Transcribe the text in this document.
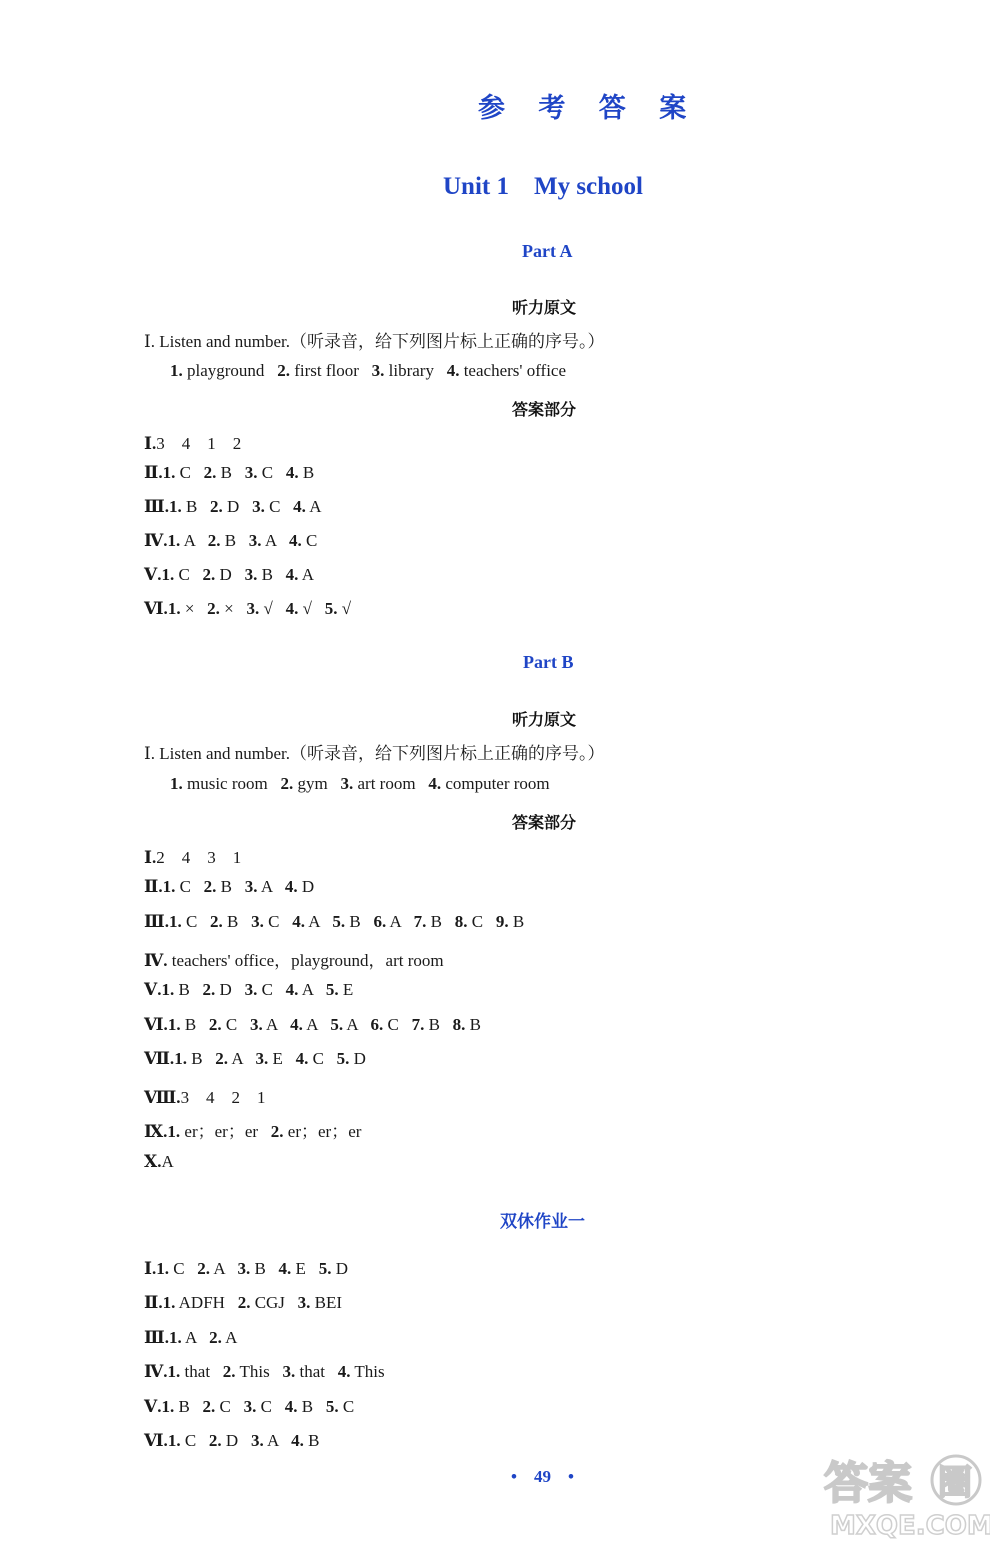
参 考 答 案
Unit 1　My school
Part A
听力原文
Ⅰ. Listen and number.（听录音，给下列图片标上正确的序号。）
1. playground   2. first floor   3. library   4. teachers' office
答案部分
Ⅰ.3　4　1　2
Ⅱ.1. C   2. B   3. C   4. B
Ⅲ.1. B   2. D   3. C   4. A
Ⅳ.1. A   2. B   3. A   4. C
Ⅴ.1. C   2. D   3. B   4. A
Ⅵ.1. ×   2. ×   3. √   4. √   5. √
Part B
听力原文
Ⅰ. Listen and number.（听录音，给下列图片标上正确的序号。）
1. music room   2. gym   3. art room   4. computer room
答案部分
Ⅰ.2　4　3　1
Ⅱ.1. C   2. B   3. A   4. D
Ⅲ.1. C   2. B   3. C   4. A   5. B   6. A   7. B   8. C   9. B
Ⅳ. teachers' office，playground，art room
Ⅴ.1. B   2. D   3. C   4. A   5. E
Ⅵ.1. B   2. C   3. A   4. A   5. A   6. C   7. B   8. B
Ⅶ.1. B   2. A   3. E   4. C   5. D
Ⅷ.3　4　2　1
Ⅸ.1. er；er；er   2. er；er；er
Ⅹ.A
双休作业一
Ⅰ.1. C   2. A   3. B   4. E   5. D
Ⅱ.1. ADFH   2. CGJ   3. BEI
Ⅲ.1. A   2. A
Ⅳ.1. that   2. This   3. that   4. This
Ⅴ.1. B   2. C   3. C   4. B   5. C
Ⅵ.1. C   2. D   3. A   4. B
•　49　•	答案 圈
MXQE.COM
